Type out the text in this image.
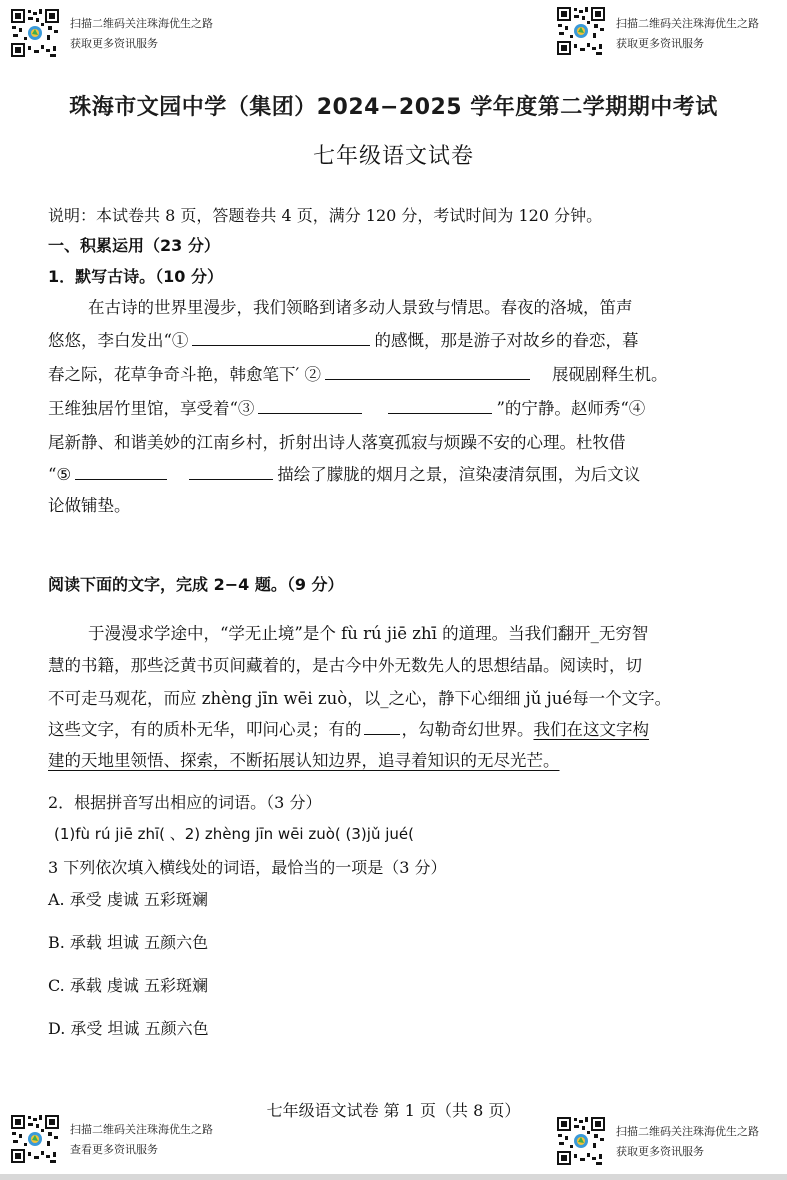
扫描二维码关注珠海优生之路
获取更多资讯服务
扫描二维码关注珠海优生之路
获取更多资讯服务
珠海市文园中学（集团）2024−2025 学年度第二学期期中考试
七年级语文试卷
说明：本试卷共 8 页，答题卷共 4 页，满分 120 分，考试时间为 120 分钟。
一、积累运用（23 分）
1．默写古诗。（10 分）
在古诗的世界里漫步，我们领略到诸多动人景致与情思。春夜的洛城，笛声
悠悠，李白发出“①	的感慨，那是游子对故乡的眷恋，暮
春之际，花草争奇斗艳，韩愈笔下′ ②	展砚剧释生机。
王维独居竹里馆，享受着“③	”的宁静。赵师秀“④
尾新静、和谐美妙的江南乡村，折射出诗人落寞孤寂与烦躁不安的心理。杜牧借
“⑤	描绘了朦胧的烟月之景，渲染凄清氛围，为后文议
论做铺垫。
阅读下面的文字，完成 2−4 题。（9 分）
于漫漫求学途中，“学无止境”是个 fù rú jiē zhī 的道理。当我们翻开_无穷智
慧的书籍，那些泛黄书页间藏着的，是古今中外无数先人的思想结晶。阅读时，切
不可走马观花，而应 zhèng jīn wēi zuò，以_之心，静下心细细 jǔ jué每一个文字。
这些文字，有的质朴无华，叩问心灵；有的 ，勾勒奇幻世界。我们在这文字构
建的天地里领悟、探索，不断拓展认知边界，追寻着知识的无尽光芒。
2．根据拼音写出相应的词语。（3 分）
(1)fù rú jiē zhī( 、2) zhèng jīn wēi zuò( (3)jǔ jué(
3 下列依次填入横线处的词语，最恰当的一项是（3 分）
A. 承受 虔诚 五彩斑斓
B. 承载 坦诚 五颜六色
C. 承载 虔诚 五彩斑斓
D. 承受 坦诚 五颜六色
七年级语文试卷 第 1 页（共 8 页）
扫描二维码关注珠海优生之路
查看更多资讯服务
扫描二维码关注珠海优生之路
获取更多资讯服务
